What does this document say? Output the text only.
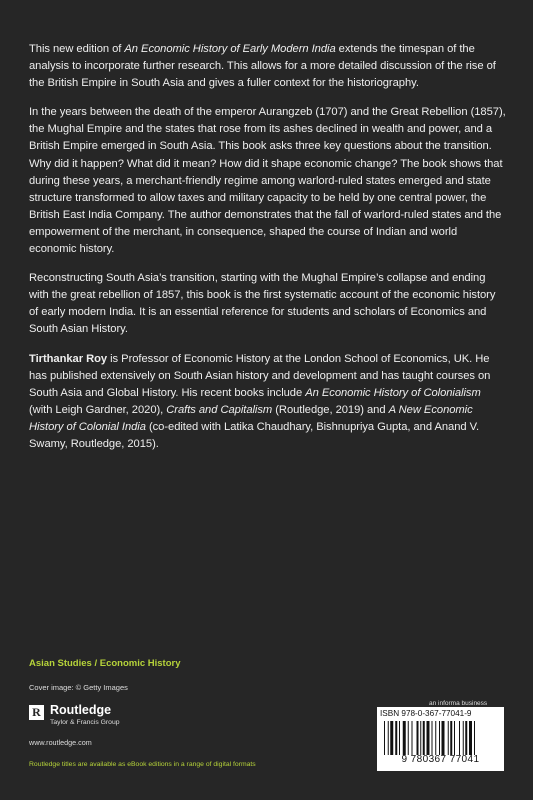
This new edition of An Economic History of Early Modern India extends the timespan of the analysis to incorporate further research. This allows for a more detailed discussion of the rise of the British Empire in South Asia and gives a fuller context for the historiography.

In the years between the death of the emperor Aurangzeb (1707) and the Great Rebellion (1857), the Mughal Empire and the states that rose from its ashes declined in wealth and power, and a British Empire emerged in South Asia. This book asks three key questions about the transition. Why did it happen? What did it mean? How did it shape economic change? The book shows that during these years, a merchant-friendly regime among warlord-ruled states emerged and state structure transformed to allow taxes and military capacity to be held by one central power, the British East India Company. The author demonstrates that the fall of warlord-ruled states and the empowerment of the merchant, in consequence, shaped the course of Indian and world economic history.

Reconstructing South Asia’s transition, starting with the Mughal Empire’s collapse and ending with the great rebellion of 1857, this book is the first systematic account of the economic history of early modern India. It is an essential reference for students and scholars of Economics and South Asian History.

Tirthankar Roy is Professor of Economic History at the London School of Economics, UK. He has published extensively on South Asian history and development and has taught courses on South Asia and Global History. His recent books include An Economic History of Colonialism (with Leigh Gardner, 2020), Crafts and Capitalism (Routledge, 2019) and A New Economic History of Colonial India (co-edited with Latika Chaudhary, Bishnupriya Gupta, and Anand V. Swamy, Routledge, 2015).

Asian Studies / Economic History
Cover image: © Getty Images
R Routledge
Taylor & Francis Group
www.routledge.com
Routledge titles are available as eBook editions in a range of digital formats
an informa business
ISBN 978-0-367-77041-9
9 780367 77041
